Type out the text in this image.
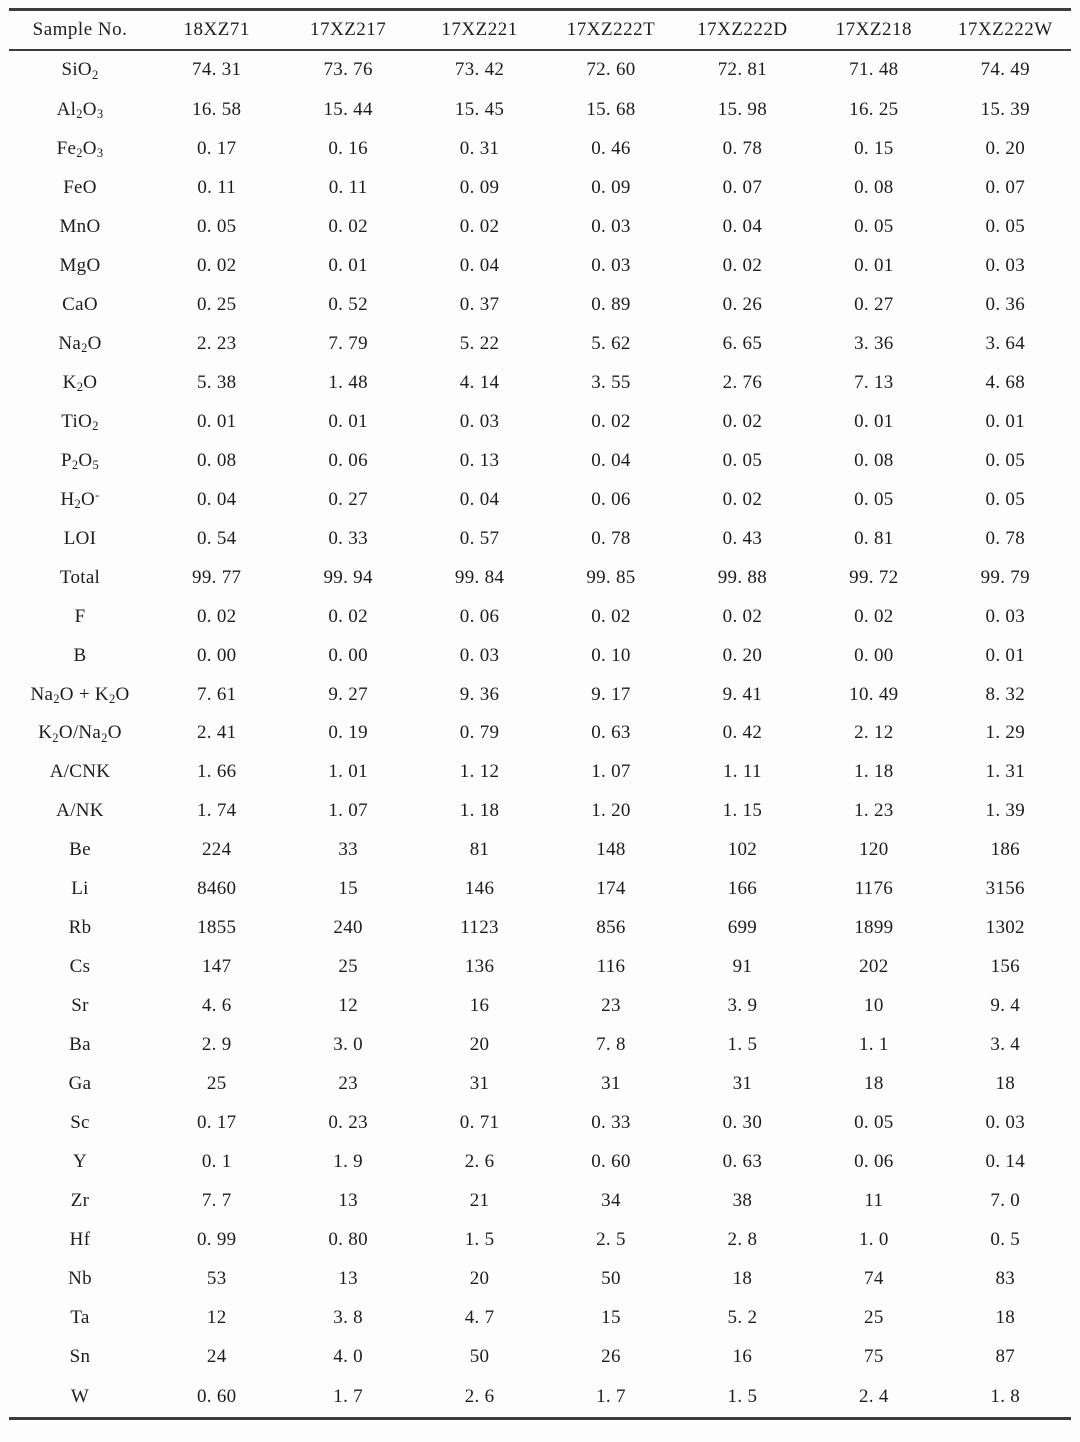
Sample No.	18XZ71	17XZ217	17XZ221	17XZ222T	17XZ222D	17XZ218	17XZ222W
SiO$_2$	74. 31	73. 76	73. 42	72. 60	72. 81	71. 48	74. 49
$Al_2O_3$	16. 58	15. 44	15. 45	15. 68	15. 98	16. 25	15. 39
$Fe_2O_3$	0. 17	0. 16	0. 31	0. 46	0. 78	0. 15	0. 20
FeO	0. 11	0. 11	0. 09	0. 09	0. 07	0. 08	0. 07
MnO	0. 05	0. 02	0. 02	0. 03	0. 04	0. 05	0. 05
MgO	0. 02	0. 01	0. 04	0. 03	0. 02	0. 01	0. 03
CaO	0. 25	0. 52	0. 37	0. 89	0. 26	0. 27	0. 36
$Na_2O$	2. 23	7. 79	5. 22	5. 62	6. 65	3. 36	3. 64
$K_2O$	5. 38	1. 48	4. 14	3. 55	2. 76	7. 13	4. 68
TiO$_2$	0. 01	0. 01	0. 03	0. 02	0. 02	0. 01	0. 01
$P_2O_5$	0. 08	0. 06	0. 13	0. 04	0. 05	0. 08	0. 05
$H_2O^-$	0. 04	0. 27	0. 04	0. 06	0. 02	0. 05	0. 05
LOI	0. 54	0. 33	0. 57	0. 78	0. 43	0. 81	0. 78
Total	99. 77	99. 94	99. 84	99. 85	99. 88	99. 72	99. 79
F	0. 02	0. 02	0. 06	0. 02	0. 02	0. 02	0. 03
B	0. 00	0. 00	0. 03	0. 10	0. 20	0. 00	0. 01
$Na_2O + K_2O$	7. 61	9. 27	9. 36	9. 17	9. 41	10. 49	8. 32
$K_2O/Na_2O$	2. 41	0. 19	0. 79	0. 63	0. 42	2. 12	1. 29
A/CNK	1. 66	1. 01	1. 12	1. 07	1. 11	1. 18	1. 31
A/NK	1. 74	1. 07	1. 18	1. 20	1. 15	1. 23	1. 39
Be	224	33	81	148	102	120	186
Li	8460	15	146	174	166	1176	3156
Rb	1855	240	1123	856	699	1899	1302
Cs	147	25	136	116	91	202	156
Sr	4. 6	12	16	23	3. 9	10	9. 4
Ba	2. 9	3. 0	20	7. 8	1. 5	1. 1	3. 4
Ga	25	23	31	31	31	18	18
Sc	0. 17	0. 23	0. 71	0. 33	0. 30	0. 05	0. 03
Y	0. 1	1. 9	2. 6	0. 60	0. 63	0. 06	0. 14
Zr	7. 7	13	21	34	38	11	7. 0
Hf	0. 99	0. 80	1. 5	2. 5	2. 8	1. 0	0. 5
Nb	53	13	20	50	18	74	83
Ta	12	3. 8	4. 7	15	5. 2	25	18
Sn	24	4. 0	50	26	16	75	87
W	0. 60	1. 7	2. 6	1. 7	1. 5	2. 4	1. 8
